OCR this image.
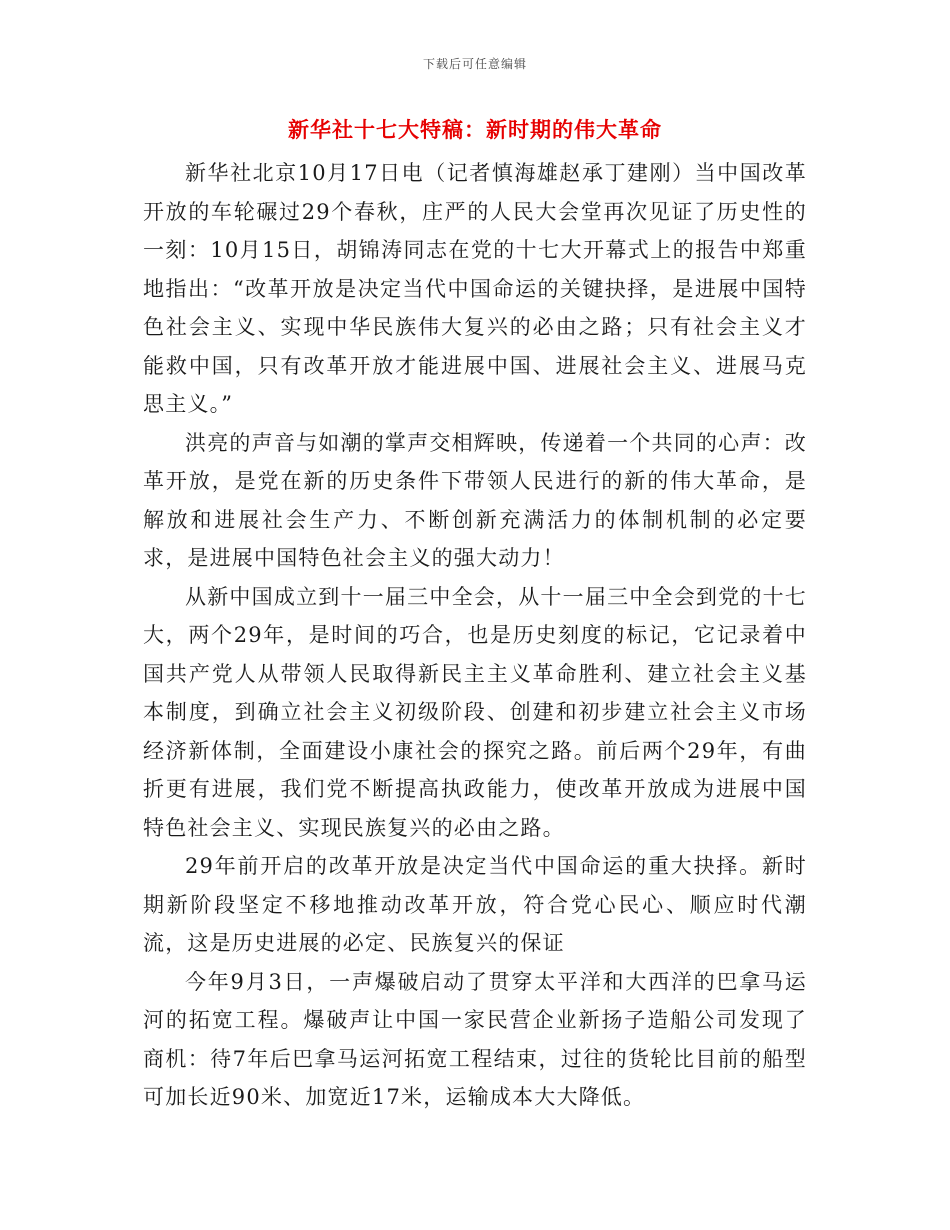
下载后可任意编辑
新华社十七大特稿：新时期的伟大革命

新华社北京10月17日电（记者慎海雄赵承丁建刚）当中国改革开放的车轮碾过29个春秋，庄严的人民大会堂再次见证了历史性的一刻：10月15日，胡锦涛同志在党的十七大开幕式上的报告中郑重地指出：“改革开放是决定当代中国命运的关键抉择，是进展中国特色社会主义、实现中华民族伟大复兴的必由之路；只有社会主义才能救中国，只有改革开放才能进展中国、进展社会主义、进展马克思主义。”

洪亮的声音与如潮的掌声交相辉映，传递着一个共同的心声：改革开放，是党在新的历史条件下带领人民进行的新的伟大革命，是解放和进展社会生产力、不断创新充满活力的体制机制的必定要求，是进展中国特色社会主义的强大动力！

从新中国成立到十一届三中全会，从十一届三中全会到党的十七大，两个29年，是时间的巧合，也是历史刻度的标记，它记录着中国共产党人从带领人民取得新民主主义革命胜利、建立社会主义基本制度，到确立社会主义初级阶段、创建和初步建立社会主义市场经济新体制，全面建设小康社会的探究之路。前后两个29年，有曲折更有进展，我们党不断提高执政能力，使改革开放成为进展中国特色社会主义、实现民族复兴的必由之路。

29年前开启的改革开放是决定当代中国命运的重大抉择。新时期新阶段坚定不移地推动改革开放，符合党心民心、顺应时代潮流，这是历史进展的必定、民族复兴的保证

今年9月3日，一声爆破启动了贯穿太平洋和大西洋的巴拿马运河的拓宽工程。爆破声让中国一家民营企业新扬子造船公司发现了商机：待7年后巴拿马运河拓宽工程结束，过往的货轮比目前的船型可加长近90米、加宽近17米，运输成本大大降低。
